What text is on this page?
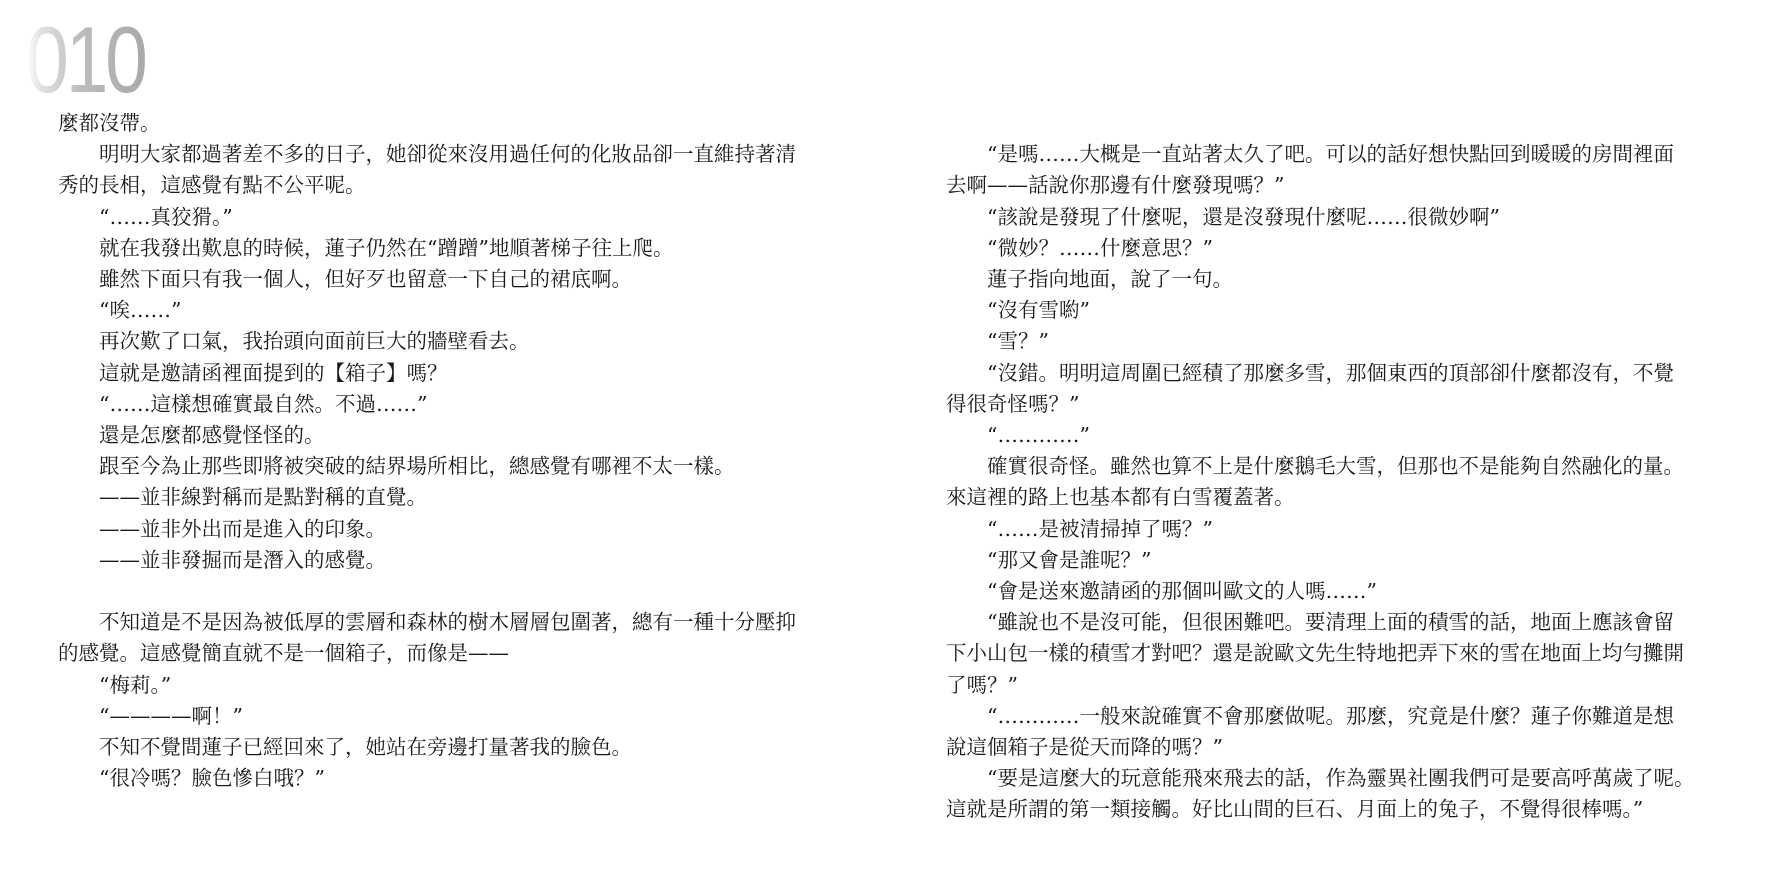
010
麼都沒帶。
明明大家都過著差不多的日子，她卻從來沒用過任何的化妝品卻一直維持著清
秀的長相，這感覺有點不公平呢。
“……真狡猾。”
就在我發出歎息的時候，蓮子仍然在“蹭蹭”地順著梯子往上爬。
雖然下面只有我一個人，但好歹也留意一下自己的裙底啊。
“唉……”
再次歎了口氣，我抬頭向面前巨大的牆壁看去。
這就是邀請函裡面提到的【箱子】嗎？
“……這樣想確實最自然。不過……”
還是怎麼都感覺怪怪的。
跟至今為止那些即將被突破的結界場所相比，總感覺有哪裡不太一樣。
——並非線對稱而是點對稱的直覺。
——並非外出而是進入的印象。
——並非發掘而是潛入的感覺。
不知道是不是因為被低厚的雲層和森林的樹木層層包圍著，總有一種十分壓抑
的感覺。這感覺簡直就不是一個箱子，而像是——
“梅莉。”
“————啊！”
不知不覺間蓮子已經回來了，她站在旁邊打量著我的臉色。
“很冷嗎？臉色慘白哦？”
“是嗎……大概是一直站著太久了吧。可以的話好想快點回到暖暖的房間裡面
去啊——話說你那邊有什麼發現嗎？”
“該說是發現了什麼呢，還是沒發現什麼呢……很微妙啊”
“微妙？……什麼意思？”
蓮子指向地面，說了一句。
“沒有雪喲”
“雪？”
“沒錯。明明這周圍已經積了那麼多雪，那個東西的頂部卻什麼都沒有，不覺
得很奇怪嗎？”
“…………”
確實很奇怪。雖然也算不上是什麼鵝毛大雪，但那也不是能夠自然融化的量。
來這裡的路上也基本都有白雪覆蓋著。
“……是被清掃掉了嗎？”
“那又會是誰呢？”
“會是送來邀請函的那個叫歐文的人嗎……”
“雖說也不是沒可能，但很困難吧。要清理上面的積雪的話，地面上應該會留
下小山包一樣的積雪才對吧？還是說歐文先生特地把弄下來的雪在地面上均勻攤開
了嗎？”
“…………一般來說確實不會那麼做呢。那麼，究竟是什麼？蓮子你難道是想
說這個箱子是從天而降的嗎？”
“要是這麼大的玩意能飛來飛去的話，作為靈異社團我們可是要高呼萬歲了呢。
這就是所謂的第一類接觸。好比山間的巨石、月面上的兔子，不覺得很棒嗎。”
